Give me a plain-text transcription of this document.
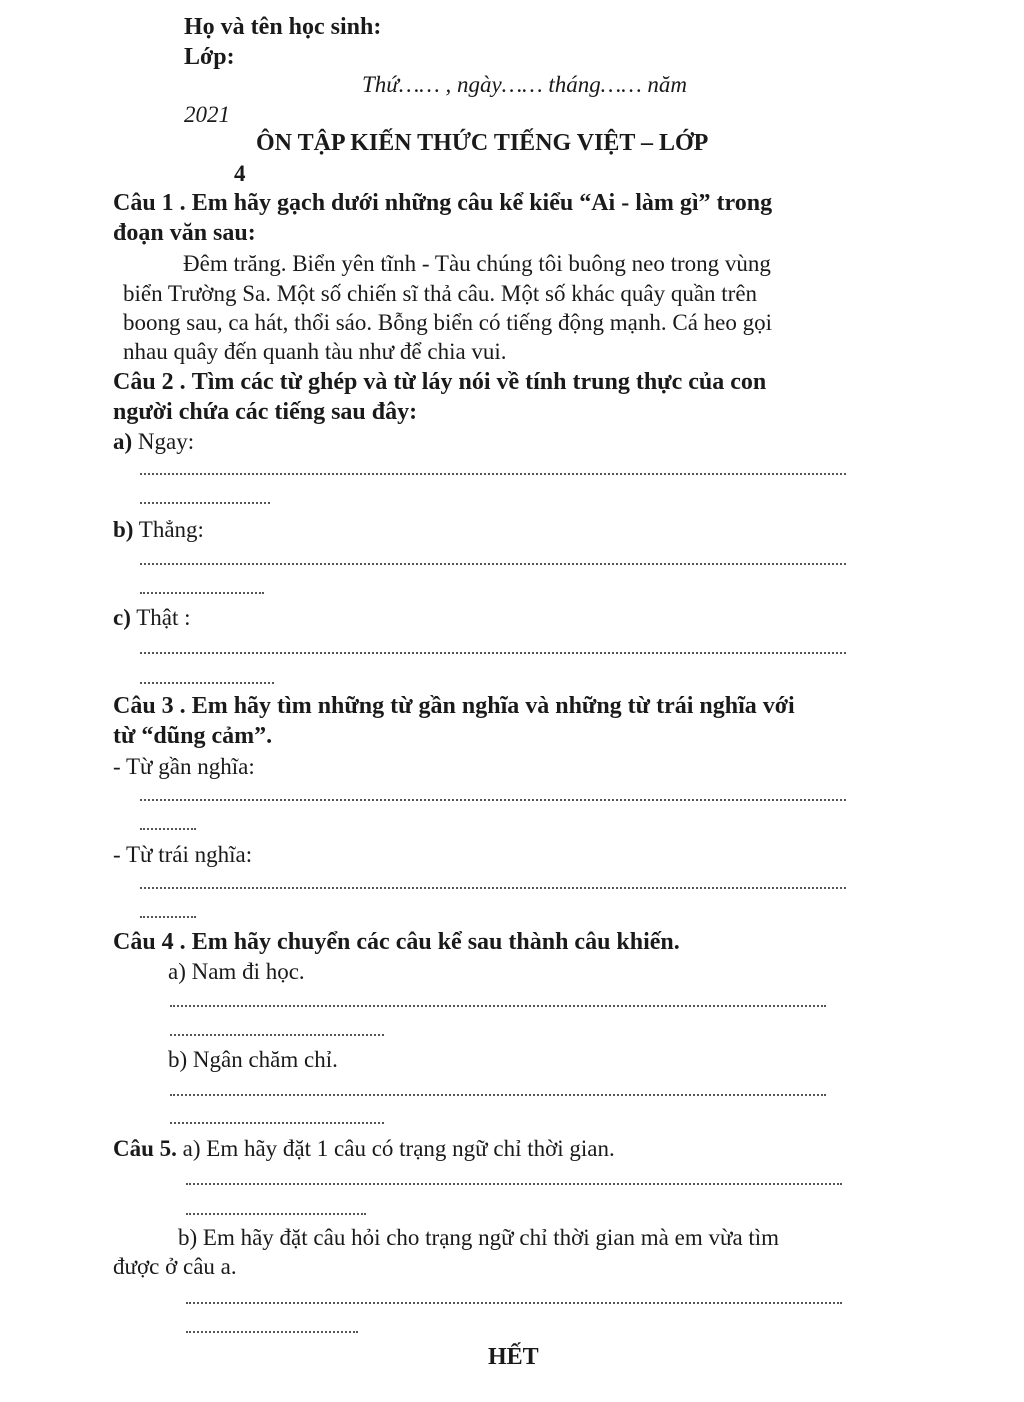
Họ và tên học sinh:
Lớp:
Thứ…… , ngày…… tháng…… năm
2021
ÔN TẬP KIẾN THỨC TIẾNG VIỆT – LỚP
4
Câu 1 . Em hãy gạch dưới những câu kể kiểu “Ai - làm gì” trong
đoạn văn sau:
Đêm trăng. Biển yên tĩnh - Tàu chúng tôi buông neo trong vùng
biển Trường Sa. Một số chiến sĩ thả câu. Một số khác quây quần trên
boong sau, ca hát, thổi sáo. Bỗng biển có tiếng động mạnh. Cá heo gọi
nhau quây đến quanh tàu như để chia vui.
Câu 2 . Tìm các từ ghép và từ láy nói về tính trung thực của con
người chứa các tiếng sau đây:
a) Ngay:
b) Thẳng:
c) Thật :
Câu 3 . Em hãy tìm những từ gần nghĩa và những từ trái nghĩa với
từ “dũng cảm”.
- Từ gần nghĩa:
- Từ trái nghĩa:
Câu 4 . Em hãy chuyển các câu kể sau thành câu khiến.
a) Nam đi học.
b) Ngân chăm chỉ.
Câu 5. a) Em hãy đặt 1 câu có trạng ngữ chỉ thời gian.
b) Em hãy đặt câu hỏi cho trạng ngữ chỉ thời gian mà em vừa tìm
được ở câu a.
HẾT
